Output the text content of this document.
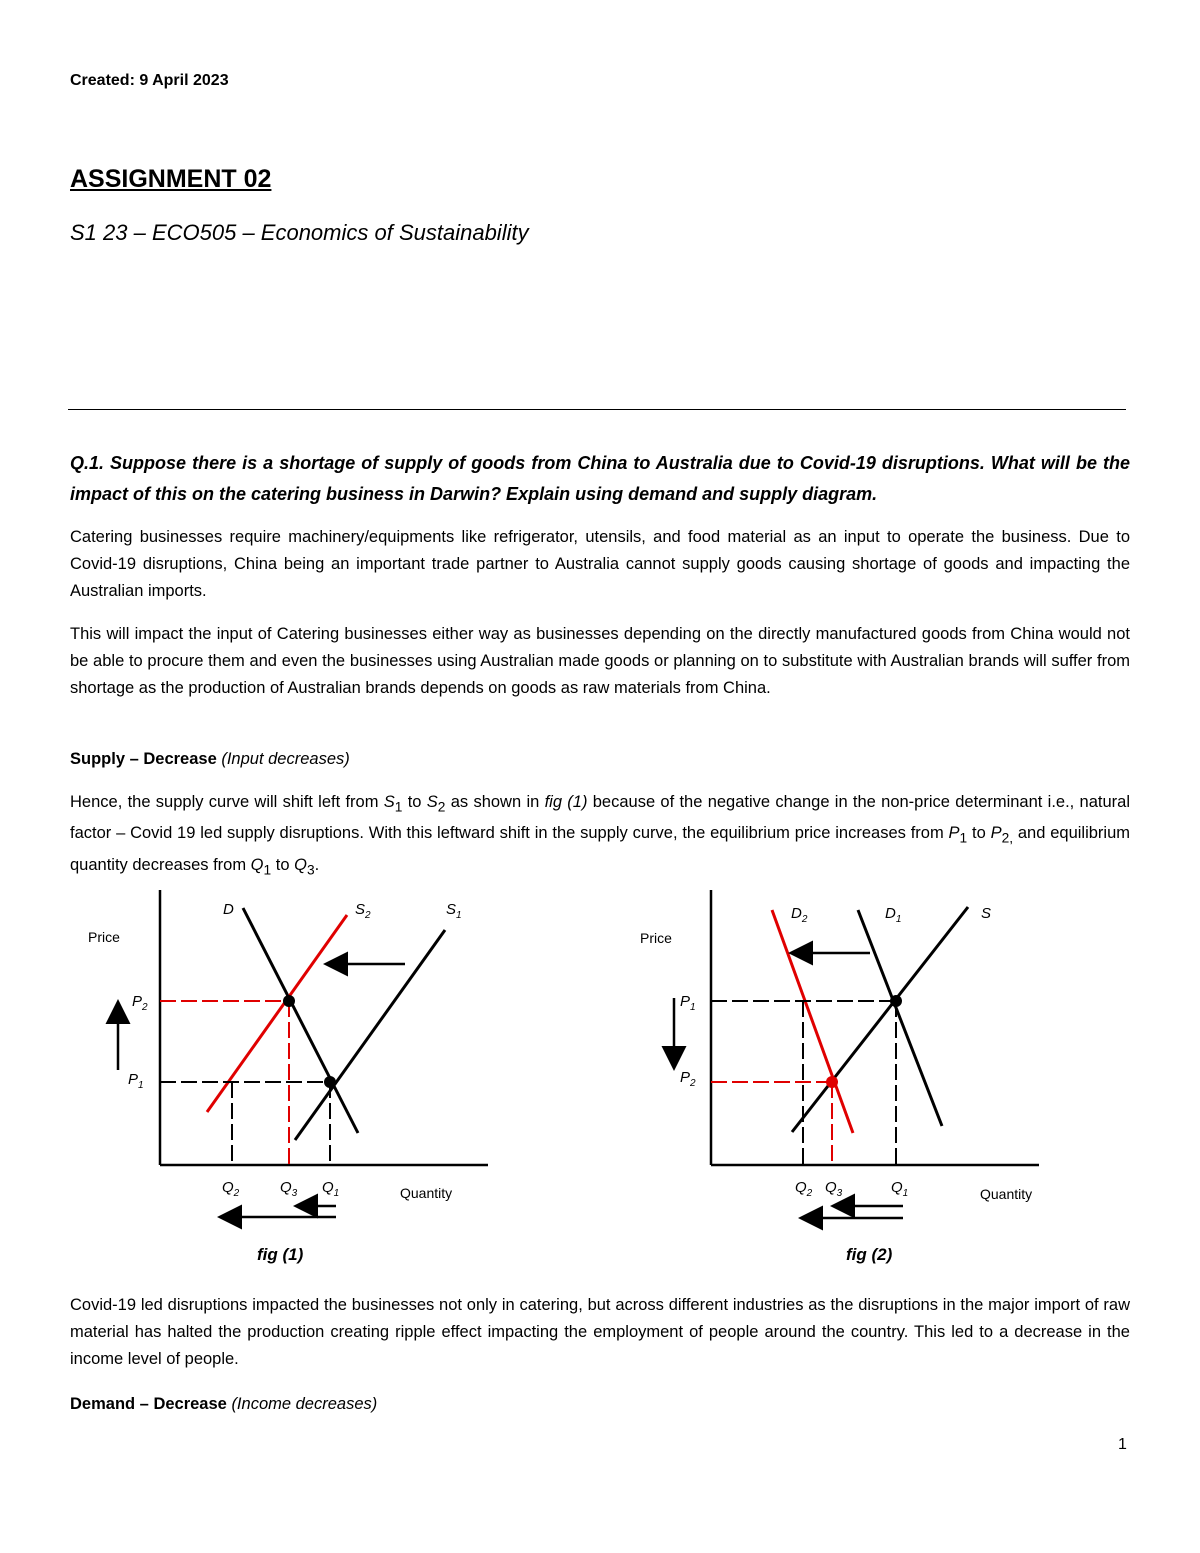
Created: 9 April 2023
ASSIGNMENT 02
S1 23 – ECO505 – Economics of Sustainability
Q.1. Suppose there is a shortage of supply of goods from China to Australia due to Covid-19 disruptions. What will be the impact of this on the catering business in Darwin? Explain using demand and supply diagram.
Catering businesses require machinery/equipments like refrigerator, utensils, and food material as an input to operate the business. Due to Covid-19 disruptions, China being an important trade partner to Australia cannot supply goods causing shortage of goods and impacting the Australian imports.
This will impact the input of Catering businesses either way as businesses depending on the directly manufactured goods from China would not be able to procure them and even the businesses using Australian made goods or planning on to substitute with Australian brands will suffer from shortage as the production of Australian brands depends on goods as raw materials from China.
Supply – Decrease (Input decreases)
Hence, the supply curve will shift left from $S_1$ to $S_2$ as shown in fig (1) because of the negative change in the non-price determinant i.e., natural factor – Covid 19 led supply disruptions. With this leftward shift in the supply curve, the equilibrium price increases from $P_1$ to $P_{2,}$ and equilibrium quantity decreases from $Q_1$ to $Q_3$.
Price
Quantity
D	$S_2$	$S_1$
$P_2$
$P_1$
$Q_2$	$Q_3$ $Q_1$
fig (1)
Price
Quantity
$D_2$	$D_1$	S
$P_1$
$P_2$
$Q_2$ $Q_3$	$Q_1$
fig (2)
Covid-19 led disruptions impacted the businesses not only in catering, but across different industries as the disruptions in the major import of raw material has halted the production creating ripple effect impacting the employment of people around the country. This led to a decrease in the income level of people.
Demand – Decrease (Income decreases)
1
